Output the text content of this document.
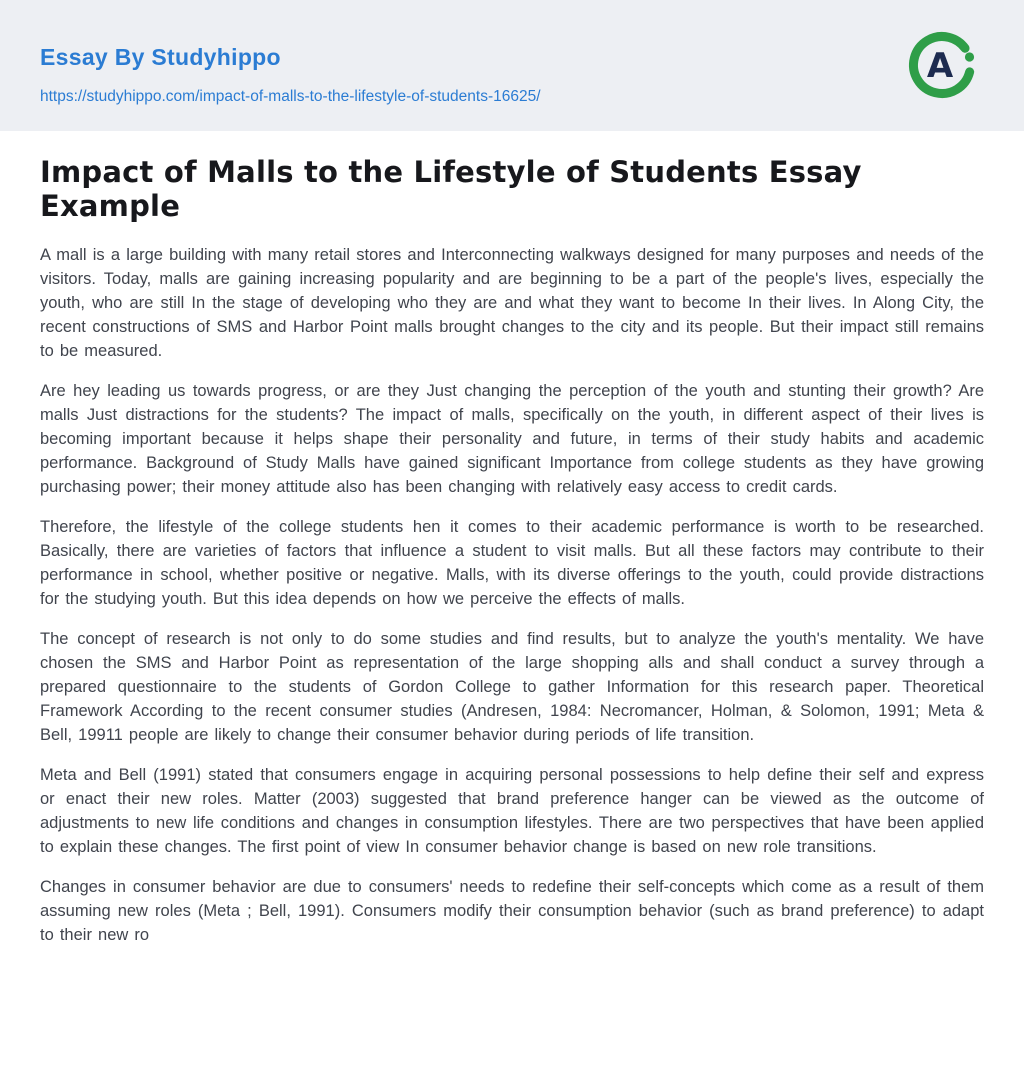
Essay By Studyhippo
https://studyhippo.com/impact-of-malls-to-the-lifestyle-of-students-16625/
A
Impact of Malls to the Lifestyle of Students Essay Example

A mall is a large building with many retail stores and Interconnecting walkways designed for many purposes and needs of the visitors. Today, malls are gaining increasing popularity and are beginning to be a part of the people's lives, especially the youth, who are still In the stage of developing who they are and what they want to become In their lives. In Along City, the recent constructions of SMS and Harbor Point malls brought changes to the city and its people. But their impact still remains to be measured.

Are hey leading us towards progress, or are they Just changing the perception of the youth and stunting their growth? Are malls Just distractions for the students? The impact of malls, specifically on the youth, in different aspect of their lives is becoming important because it helps shape their personality and future, in terms of their study habits and academic performance. Background of Study Malls have gained significant Importance from college students as they have growing purchasing power; their money attitude also has been changing with relatively easy access to credit cards.

Therefore, the lifestyle of the college students hen it comes to their academic performance is worth to be researched. Basically, there are varieties of factors that influence a student to visit malls. But all these factors may contribute to their performance in school, whether positive or negative. Malls, with its diverse offerings to the youth, could provide distractions for the studying youth. But this idea depends on how we perceive the effects of malls.

The concept of research is not only to do some studies and find results, but to analyze the youth's mentality. We have chosen the SMS and Harbor Point as representation of the large shopping alls and shall conduct a survey through a prepared questionnaire to the students of Gordon College to gather Information for this research paper. Theoretical Framework According to the recent consumer studies (Andresen, 1984: Necromancer, Holman, & Solomon, 1991; Meta & Bell, 19911 people are likely to change their consumer behavior during periods of life transition.

Meta and Bell (1991) stated that consumers engage in acquiring personal possessions to help define their self and express or enact their new roles. Matter (2003) suggested that brand preference hanger can be viewed as the outcome of adjustments to new life conditions and changes in consumption lifestyles. There are two perspectives that have been applied to explain these changes. The first point of view In consumer behavior change is based on new role transitions.

Changes in consumer behavior are due to consumers' needs to redefine their self-concepts which come as a result of them assuming new roles (Meta ; Bell, 1991). Consumers modify their consumption behavior (such as brand preference) to adapt to their new ro
